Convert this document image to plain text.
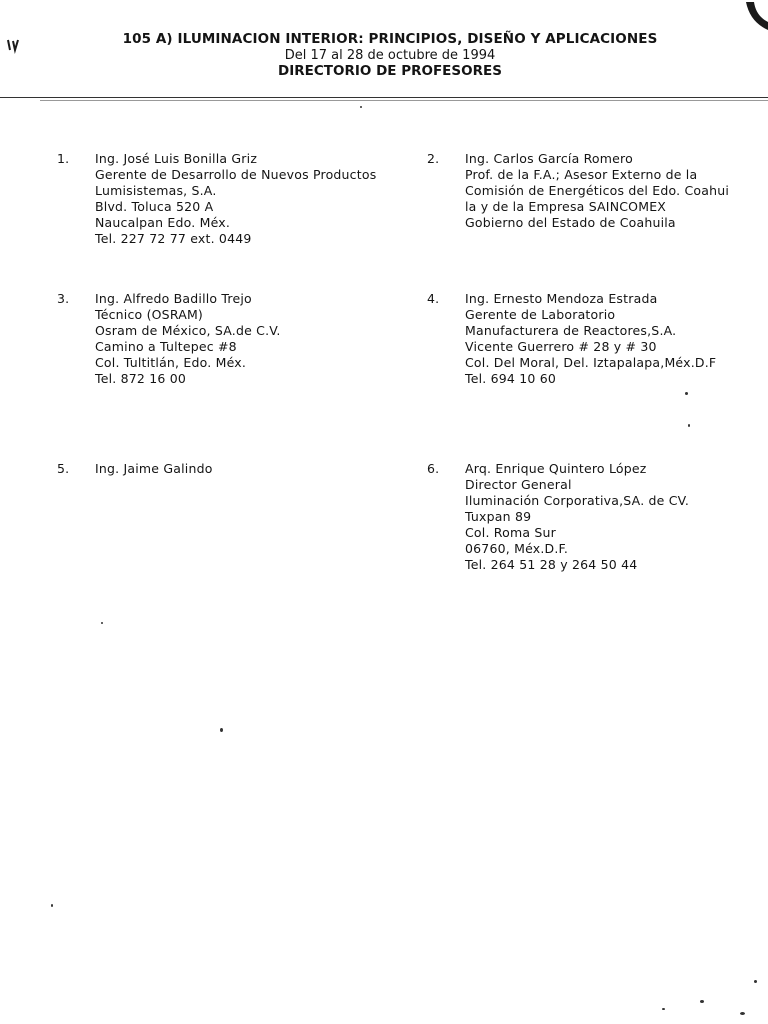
105 A) ILUMINACION INTERIOR: PRINCIPIOS, DISEÑO Y APLICACIONES
Del 17 al 28 de octubre de 1994
DIRECTORIO DE PROFESORES
1. Ing. José Luis Bonilla Griz
Gerente de Desarrollo de Nuevos Productos
Lumisistemas, S.A.
Blvd. Toluca 520 A
Naucalpan Edo. Méx.
Tel. 227 72 77 ext. 0449
2. Ing. Carlos García Romero
Prof. de la F.A.; Asesor Externo de la
Comisión de Energéticos del Edo. Coahui
la y de la Empresa SAINCOMEX
Gobierno del Estado de Coahuila
3. Ing. Alfredo Badillo Trejo
Técnico (OSRAM)
Osram de México, SA.de C.V.
Camino a Tultepec #8
Col. Tultitlán, Edo. Méx.
Tel. 872 16 00
4. Ing. Ernesto Mendoza Estrada
Gerente de Laboratorio
Manufacturera de Reactores,S.A.
Vicente Guerrero # 28 y # 30
Col. Del Moral, Del. Iztapalapa,Méx.D.F
Tel. 694 10 60
5. Ing. Jaime Galindo	6. Arq. Enrique Quintero López
Director General
Iluminación Corporativa,SA. de CV.
Tuxpan 89
Col. Roma Sur
06760, Méx.D.F.
Tel. 264 51 28 y 264 50 44
